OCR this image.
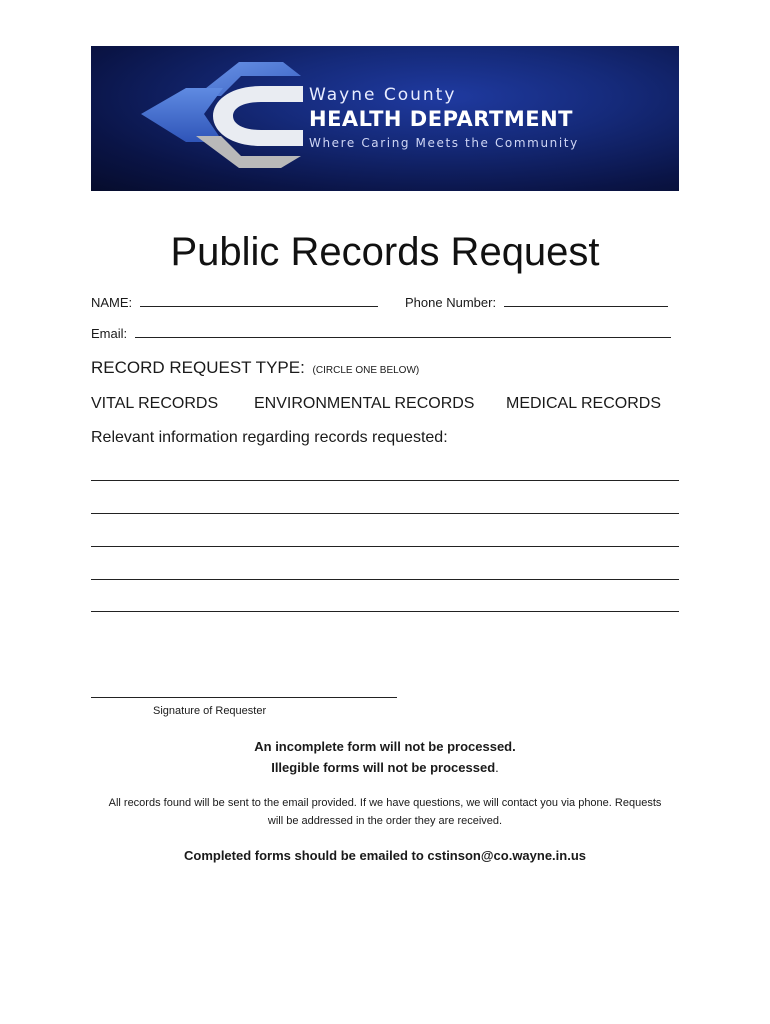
Wayne County
HEALTH DEPARTMENT
Where Caring Meets the Community
Public Records Request
NAME:	Phone Number:
Email:
RECORD REQUEST TYPE: (CIRCLE ONE BELOW)
VITAL RECORDS ENVIRONMENTAL RECORDS MEDICAL RECORDS
Relevant information regarding records requested:
Signature of Requester
An incomplete form will not be processed.
Illegible forms will not be processed.
All records found will be sent to the email provided. If we have questions, we will contact you via phone. Requests
will be addressed in the order they are received.
Completed forms should be emailed to cstinson@co.wayne.in.us
